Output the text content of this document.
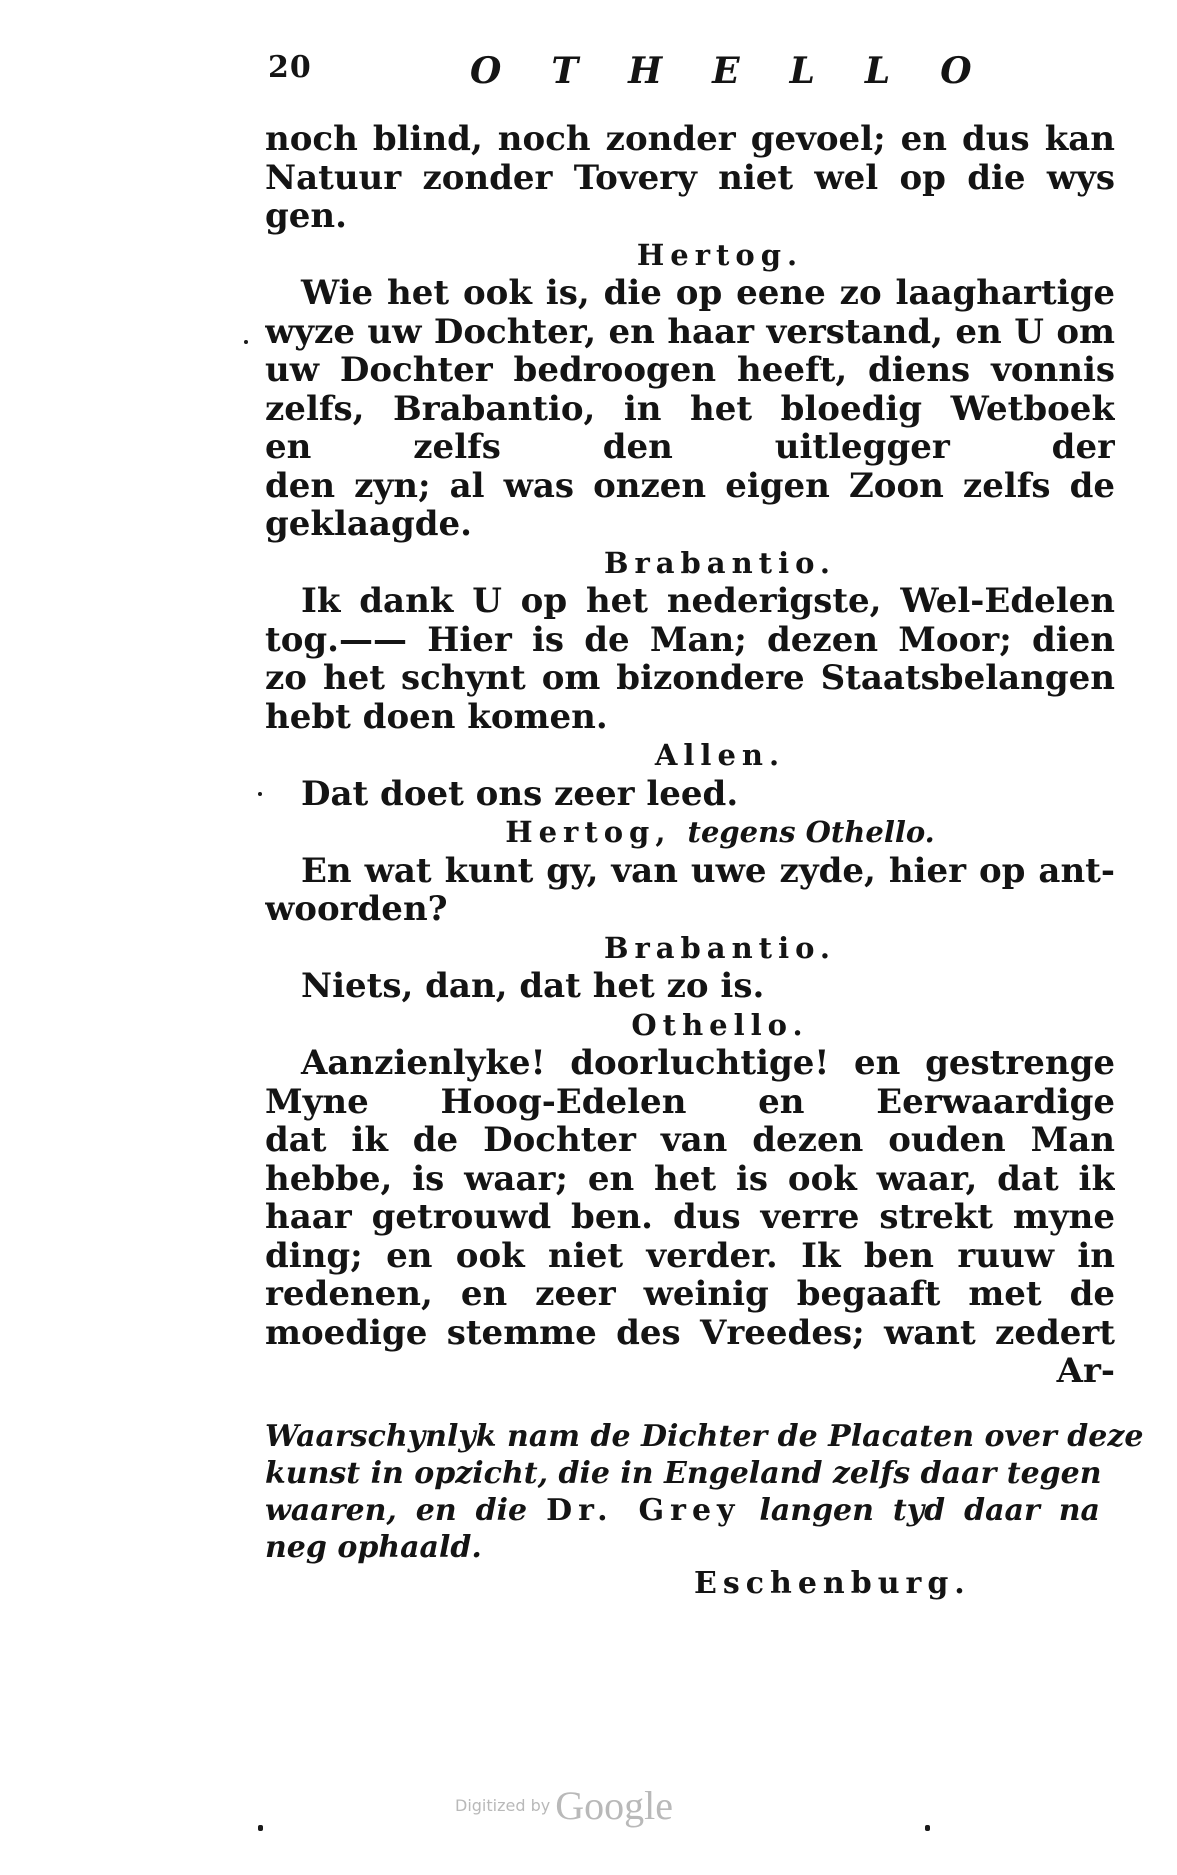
20	OTHELLO
noch blind, noch zonder gevoel; en dus kan
Natuur zonder Tovery niet wel op die wys
gen.
Hertog.
Wie het ook is, die op eene zo laaghartige
wyze uw Dochter, en haar verstand, en U om
uw Dochter bedroogen heeft, diens vonnis
zelfs, Brabantio, in het bloedig Wetboek
en zelfs den uitlegger der
den zyn; al was onzen eigen Zoon zelfs de
geklaagde.
Brabantio.
Ik dank U op het nederigste, Wel-Edelen
tog.—— Hier is de Man; dezen Moor; dien
zo het schynt om bizondere Staatsbelangen
hebt doen komen.
Allen.
Dat doet ons zeer leed.
Hertog, tegens Othello.
En wat kunt gy, van uwe zyde, hier op ant-
woorden?
Brabantio.
Niets, dan, dat het zo is.
Othello.
Aanzienlyke! doorluchtige! en gestrenge
Myne Hoog-Edelen en Eerwaardige
dat ik de Dochter van dezen ouden Man
hebbe, is waar; en het is ook waar, dat ik
haar getrouwd ben. dus verre strekt myne
ding; en ook niet verder. Ik ben ruuw in
redenen, en zeer weinig begaaft met de
moedige stemme des Vreedes; want zedert
Ar-
Waarschynlyk nam de Dichter de Placaten over deze
kunst in opzicht, die in Engeland zelfs daar tegen
waaren, en die Dr. Grey langen tyd daar na
neg ophaald.
Eschenburg.
Digitized by Google
